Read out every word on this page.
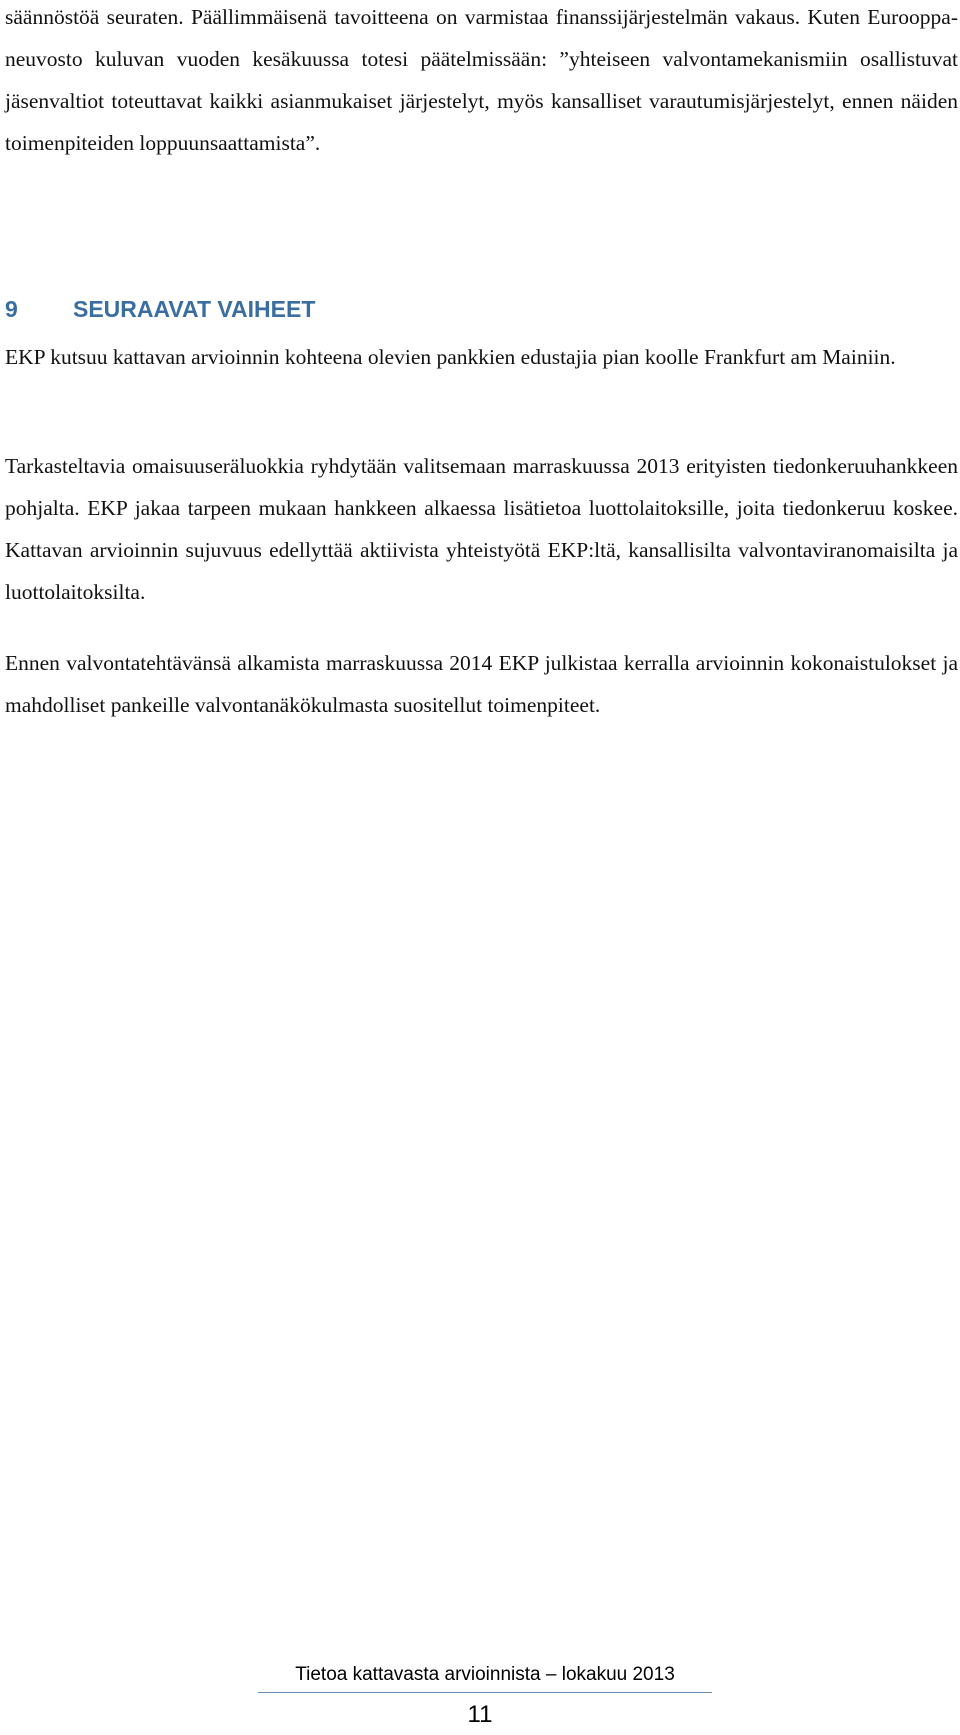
säännöstöä seuraten. Päällimmäisenä tavoitteena on varmistaa finanssijärjestelmän vakaus. Kuten Eurooppa-neuvosto kuluvan vuoden kesäkuussa totesi päätelmissään: ”yhteiseen valvontamekanismiin osallistuvat jäsenvaltiot toteuttavat kaikki asianmukaiset järjestelyt, myös kansalliset varautumisjärjestelyt, ennen näiden toimenpiteiden loppuunsaattamista”.

9 SEURAAVAT VAIHEET

EKP kutsuu kattavan arvioinnin kohteena olevien pankkien edustajia pian koolle Frankfurt am Mainiin.

Tarkasteltavia omaisuuseräluokkia ryhdytään valitsemaan marraskuussa 2013 erityisten tiedonkeruuhankkeen pohjalta. EKP jakaa tarpeen mukaan hankkeen alkaessa lisätietoa luottolaitoksille, joita tiedonkeruu koskee. Kattavan arvioinnin sujuvuus edellyttää aktiivista yhteistyötä EKP:ltä, kansallisilta valvontaviranomaisilta ja luottolaitoksilta.

Ennen valvontatehtävänsä alkamista marraskuussa 2014 EKP julkistaa kerralla arvioinnin kokonaistulokset ja mahdolliset pankeille valvontanäkökulmasta suositellut toimenpiteet.

Tietoa kattavasta arvioinnista – lokakuu 2013

11
